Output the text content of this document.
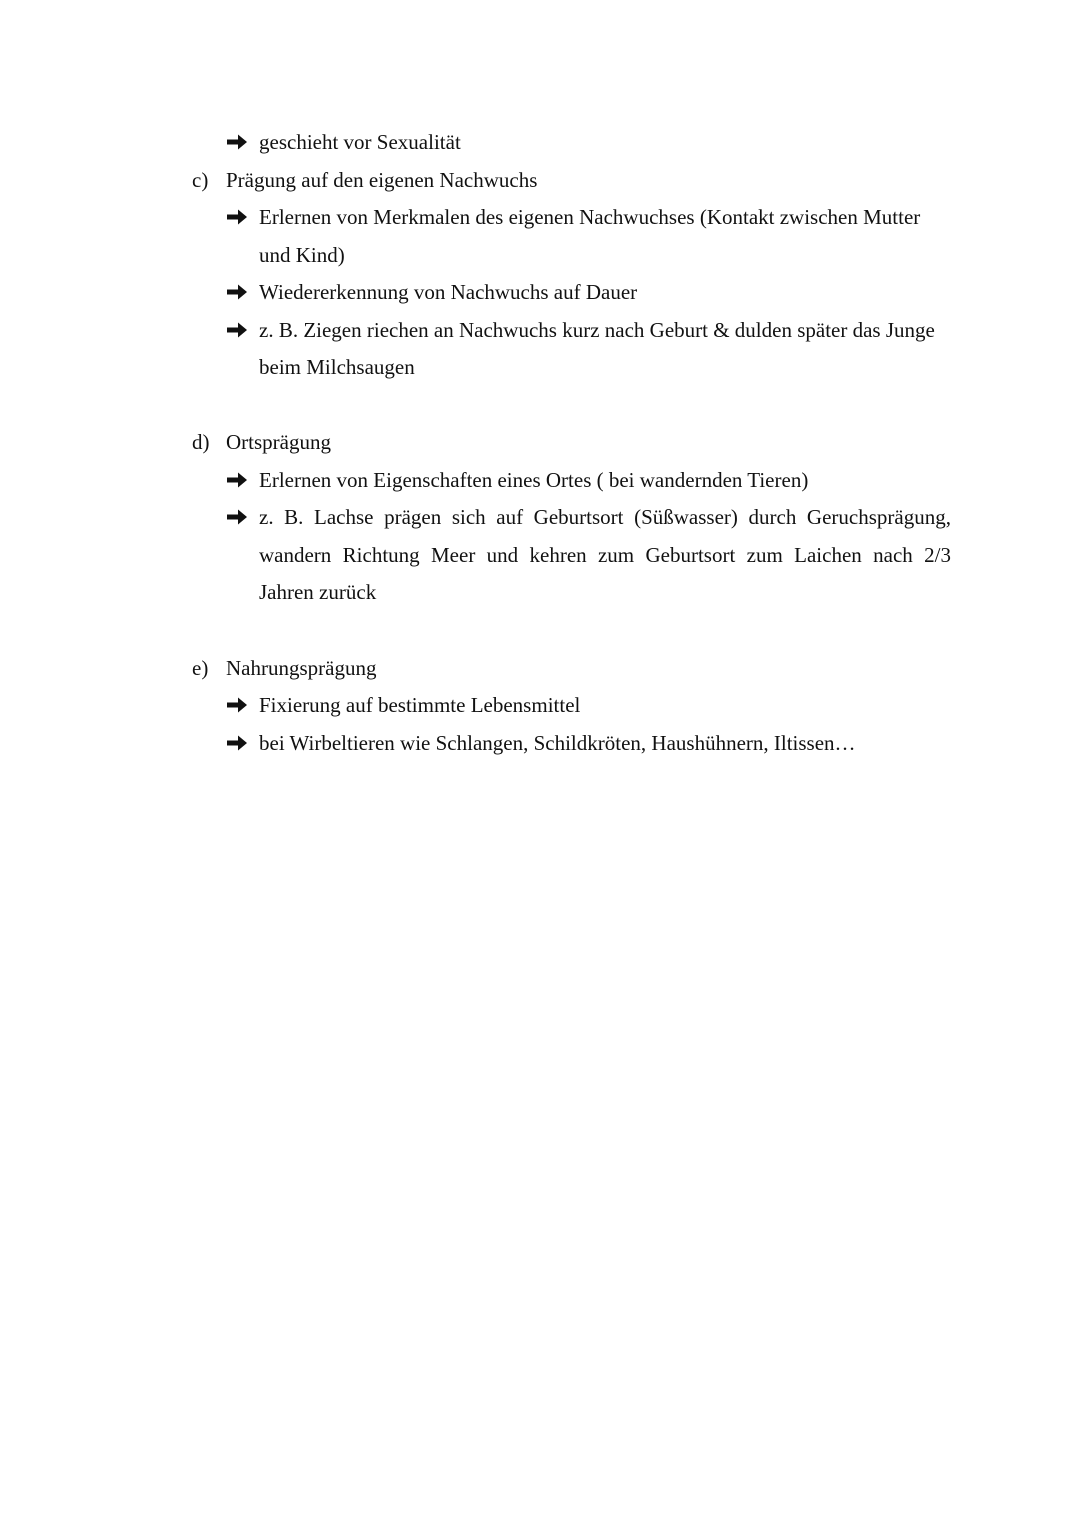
geschieht vor Sexualität
c) Prägung auf den eigenen Nachwuchs
Erlernen von Merkmalen des eigenen Nachwuchses (Kontakt zwischen Mutter
und Kind)
Wiedererkennung von Nachwuchs auf Dauer
z. B. Ziegen riechen an Nachwuchs kurz nach Geburt & dulden später das Junge
beim Milchsaugen
d) Ortsprägung
Erlernen von Eigenschaften eines Ortes ( bei wandernden Tieren)
z. B. Lachse prägen sich auf Geburtsort (Süßwasser) durch Geruchsprägung,
wandern Richtung Meer und kehren zum Geburtsort zum Laichen nach 2/3
Jahren zurück
e) Nahrungsprägung
Fixierung auf bestimmte Lebensmittel
bei Wirbeltieren wie Schlangen, Schildkröten, Haushühnern, Iltissen…
